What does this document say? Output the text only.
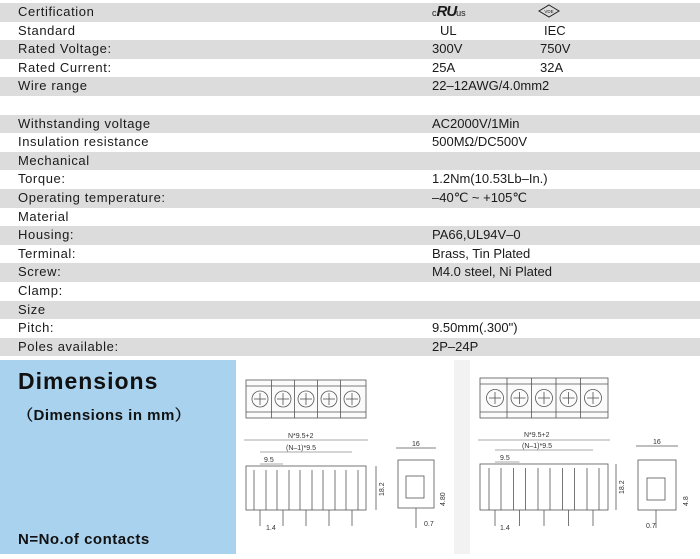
Certification	cRUus	VDE
Standard	UL	IEC
Rated Voltage:	300V	750V
Rated Current:	25A	32A
Wire range	22–12AWG/4.0mm2
Withstanding voltage	AC2000V/1Min
Insulation resistance	500MΩ/DC500V
Mechanical
Torque:	1.2Nm(10.53Lb–In.)
Operating temperature:	–40℃ ~ +105℃
Material
Housing:	PA66,UL94V–0
Terminal:	Brass, Tin Plated
Screw:	M4.0 steel, Ni Plated
Clamp:
Size
Pitch:	9.50mm(.300")
Poles available:	2P–24P
Dimensions
（Dimensions in mm）
N=No.of contacts
N*9.5+2
(N–1)*9.5
9.5
18.2
1.4
16
4.80
0.7
N*9.5+2
(N–1)*9.5
9.5
18.2
1.4
16
4.8
0.7
